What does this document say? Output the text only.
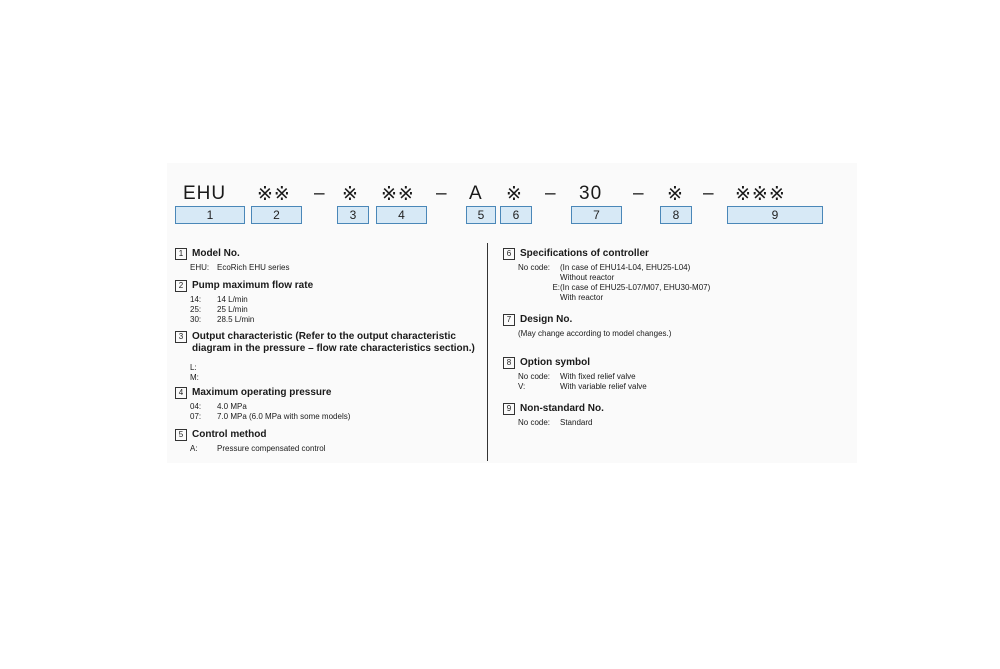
EHU ※※ – ※ ※※ – A ※ – 30 – ※ – ※※※
1	2	3	4	5	6	7	8	9
1 Model No.
EHU: EcoRich EHU series
2 Pump maximum flow rate
14:	14 L/min
25:	25 L/min
30:	28.5 L/min
3 Output characteristic (Refer to the output characteristic
diagram in the pressure – flow rate characteristics section.)
L:
M:
4 Maximum operating pressure
04:	4.0 MPa
07:	7.0 MPa (6.0 MPa with some models)
5 Control method
A:	Pressure compensated control
6 Specifications of controller
No code:	(In case of EHU14-L04, EHU25-L04)
Without reactor
E: (In case of EHU25-L07/M07, EHU30-M07)
With reactor
7 Design No.
(May change according to model changes.)
8 Option symbol
No code:	With fixed relief valve
V:	With variable relief valve
9 Non-standard No.
No code:	Standard
